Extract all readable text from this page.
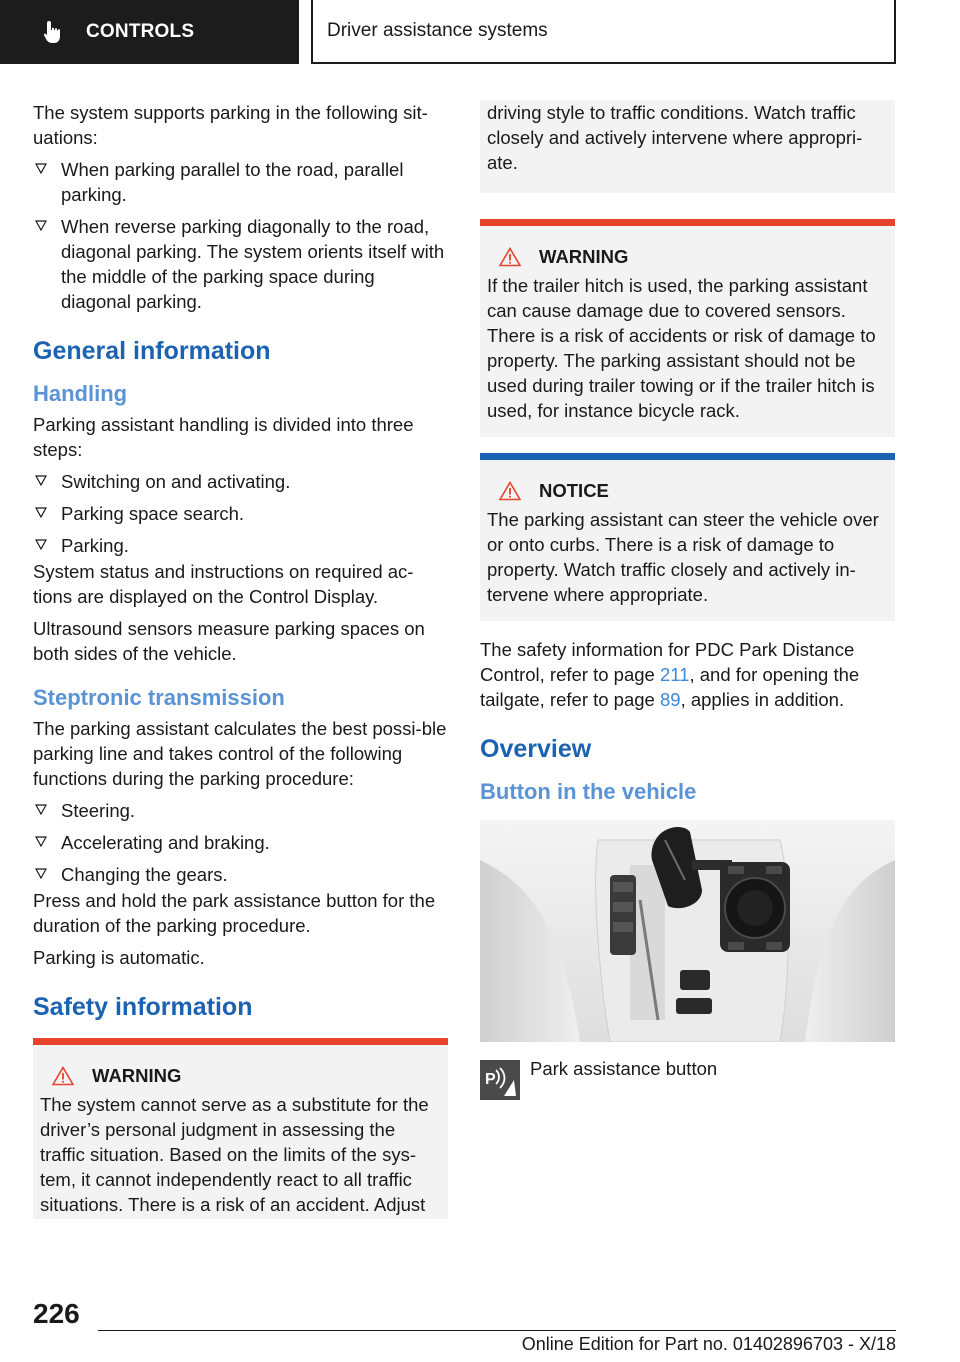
CONTROLS	Driver assistance systems

The system supports parking in the following sit-uations:

When parking parallel to the road, parallel parking.
When reverse parking diagonally to the road, diagonal parking. The system orients itself with the middle of the parking space during diagonal parking.
General information
Handling

Parking assistant handling is divided into three steps:

Switching on and activating.
Parking space search.
Parking.

System status and instructions on required ac-tions are displayed on the Control Display.

Ultrasound sensors measure parking spaces on both sides of the vehicle.

Steptronic transmission

The parking assistant calculates the best possi-ble parking line and takes control of the following functions during the parking procedure:

Steering.
Accelerating and braking.
Changing the gears.

Press and hold the park assistance button for the duration of the parking procedure.

Parking is automatic.

Safety information
WARNING
The system cannot serve as a substitute for the driver’s personal judgment in assessing the traffic situation. Based on the limits of the sys-tem, it cannot independently react to all traffic situations. There is a risk of an accident. Adjust
driving style to traffic conditions. Watch traffic closely and actively intervene where appropri-ate.
WARNING
If the trailer hitch is used, the parking assistant can cause damage due to covered sensors. There is a risk of accidents or risk of damage to property. The parking assistant should not be used during trailer towing or if the trailer hitch is used, for instance bicycle rack.
NOTICE
The parking assistant can steer the vehicle over or onto curbs. There is a risk of damage to property. Watch traffic closely and actively in-tervene where appropriate.

The safety information for PDC Park Distance Control, refer to page 211, and for opening the tailgate, refer to page 89, applies in addition.

Overview
Button in the vehicle
P
Park assistance button
226
Online Edition for Part no. 01402896703 - X/18
